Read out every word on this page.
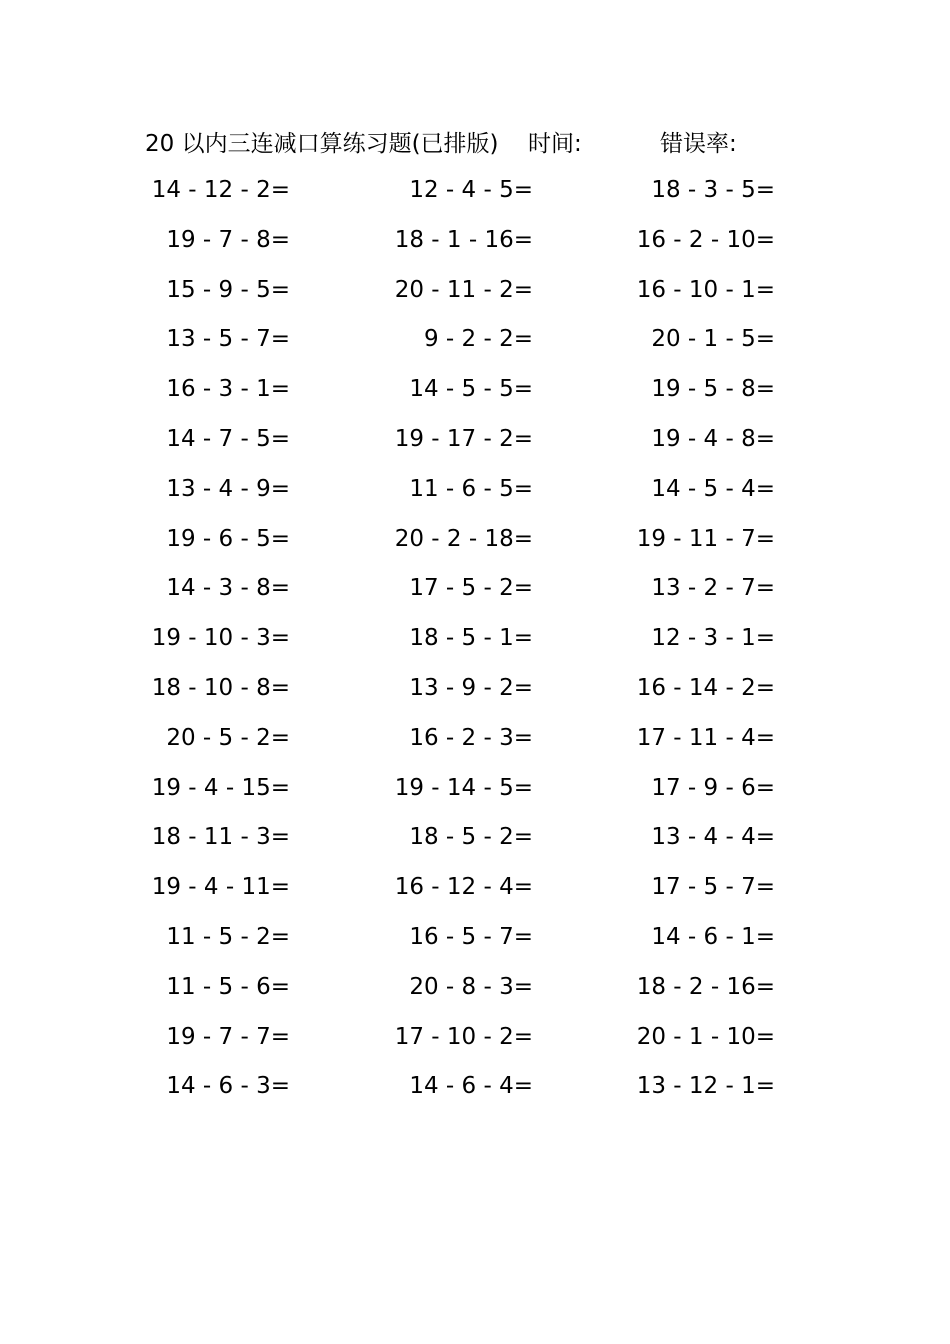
20 以内三连减口算练习题(已排版) 时间:	错误率:
14 - 12 - 2=	12 - 4 - 5=	18 - 3 - 5=
19 - 7 - 8=	18 - 1 - 16=	16 - 2 - 10=
15 - 9 - 5=	20 - 11 - 2=	16 - 10 - 1=
13 - 5 - 7=	9 - 2 - 2=	20 - 1 - 5=
16 - 3 - 1=	14 - 5 - 5=	19 - 5 - 8=
14 - 7 - 5=	19 - 17 - 2=	19 - 4 - 8=
13 - 4 - 9=	11 - 6 - 5=	14 - 5 - 4=
19 - 6 - 5=	20 - 2 - 18=	19 - 11 - 7=
14 - 3 - 8=	17 - 5 - 2=	13 - 2 - 7=
19 - 10 - 3=	18 - 5 - 1=	12 - 3 - 1=
18 - 10 - 8=	13 - 9 - 2=	16 - 14 - 2=
20 - 5 - 2=	16 - 2 - 3=	17 - 11 - 4=
19 - 4 - 15=	19 - 14 - 5=	17 - 9 - 6=
18 - 11 - 3=	18 - 5 - 2=	13 - 4 - 4=
19 - 4 - 11=	16 - 12 - 4=	17 - 5 - 7=
11 - 5 - 2=	16 - 5 - 7=	14 - 6 - 1=
11 - 5 - 6=	20 - 8 - 3=	18 - 2 - 16=
19 - 7 - 7=	17 - 10 - 2=	20 - 1 - 10=
14 - 6 - 3=	14 - 6 - 4=	13 - 12 - 1=
